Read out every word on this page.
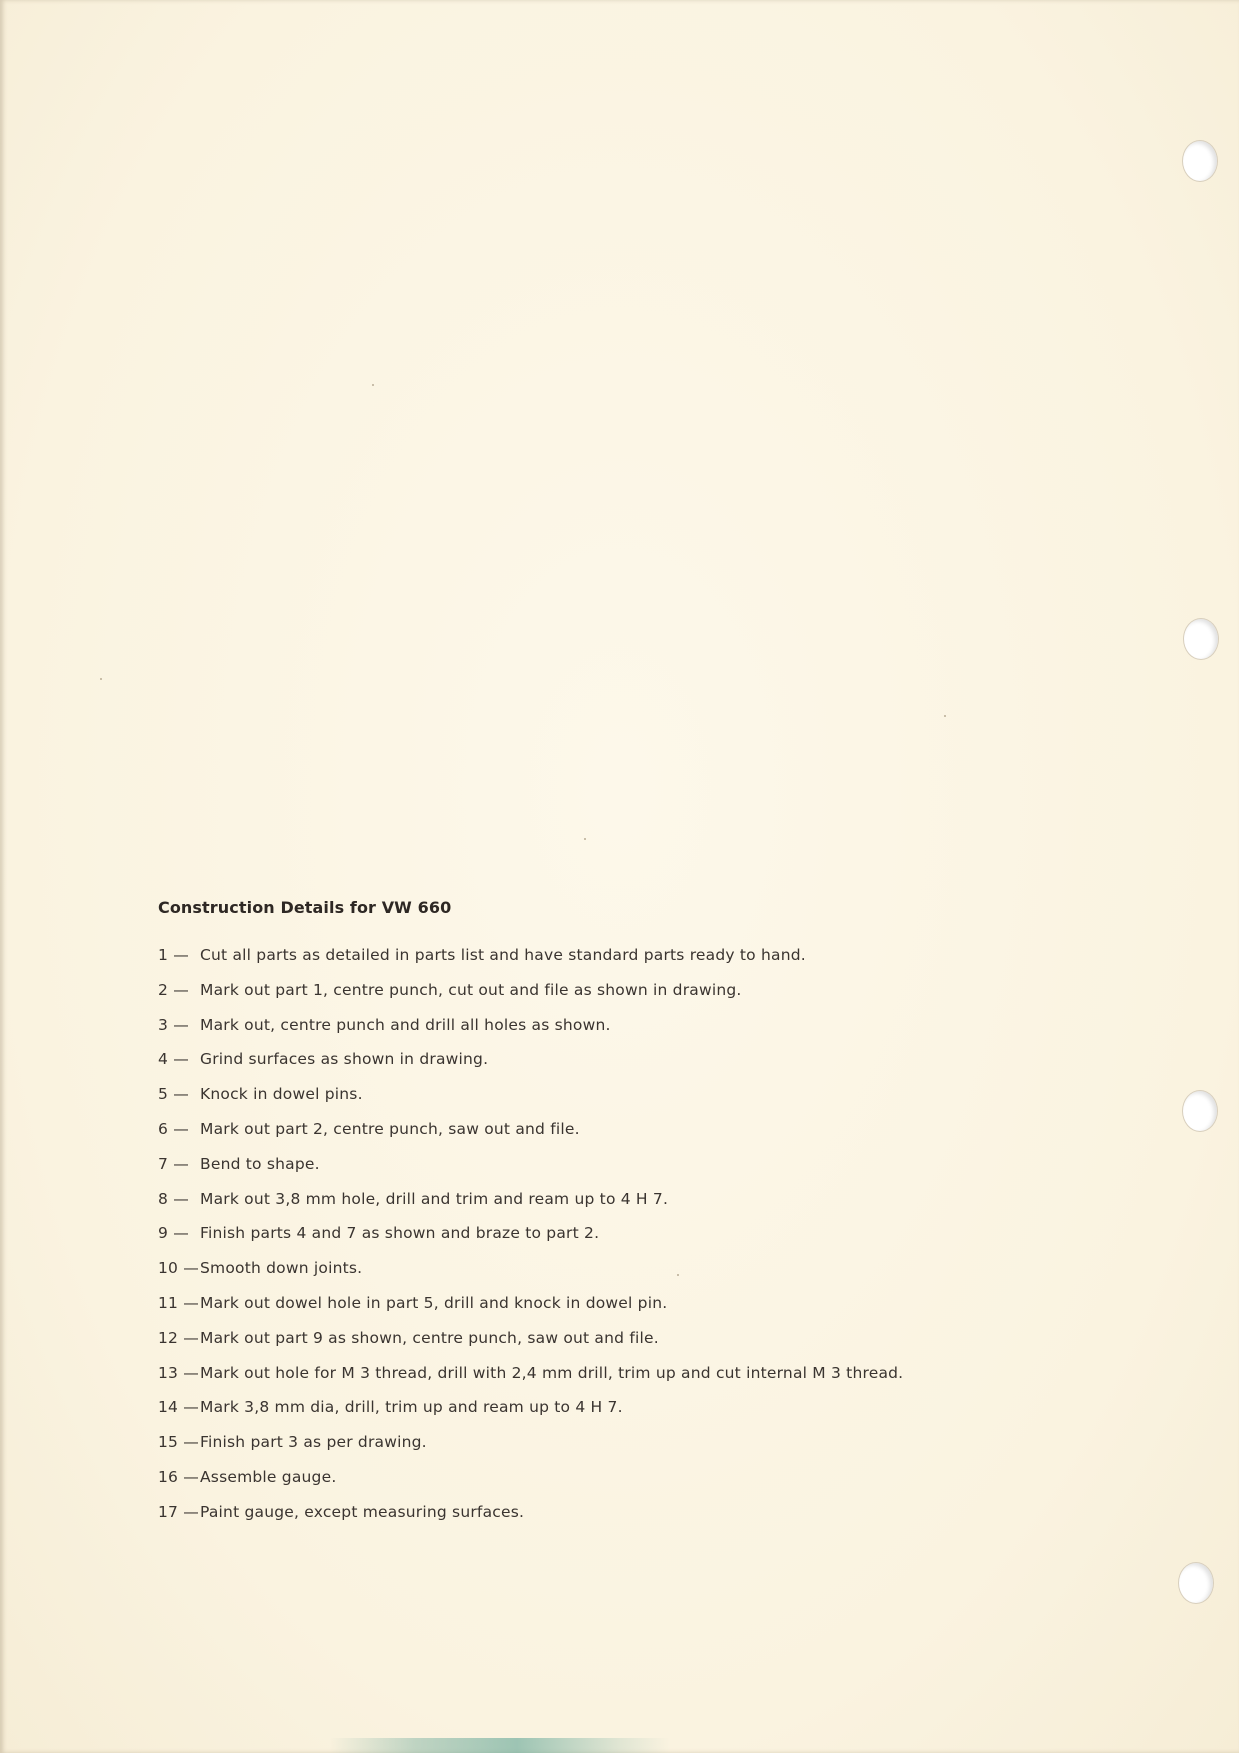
Construction Details for VW 660
1 — Cut all parts as detailed in parts list and have standard parts ready to hand.
2 — Mark out part 1, centre punch, cut out and file as shown in drawing.
3 — Mark out, centre punch and drill all holes as shown.
4 — Grind surfaces as shown in drawing.
5 — Knock in dowel pins.
6 — Mark out part 2, centre punch, saw out and file.
7 — Bend to shape.
8 — Mark out 3,8 mm hole, drill and trim and ream up to 4 H 7.
9 — Finish parts 4 and 7 as shown and braze to part 2.
10 — Smooth down joints.
11 — Mark out dowel hole in part 5, drill and knock in dowel pin.
12 — Mark out part 9 as shown, centre punch, saw out and file.
13 — Mark out hole for M 3 thread, drill with 2,4 mm drill, trim up and cut internal M 3 thread.
14 — Mark 3,8 mm dia, drill, trim up and ream up to 4 H 7.
15 — Finish part 3 as per drawing.
16 — Assemble gauge.
17 — Paint gauge, except measuring surfaces.
